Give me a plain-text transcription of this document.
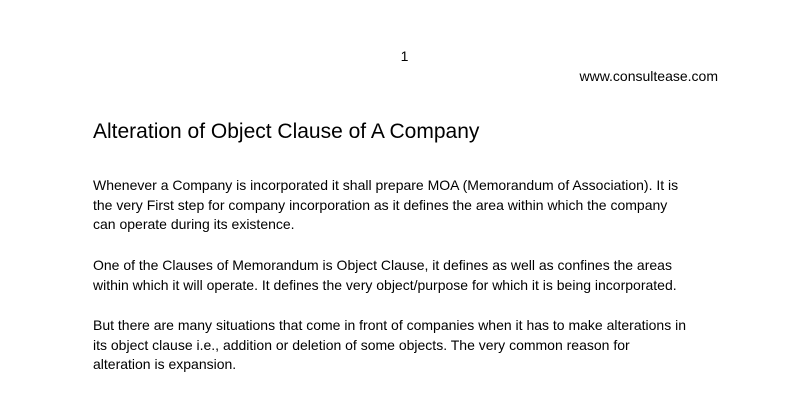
1
www.consultease.com
Alteration of Object Clause of A Company

Whenever a Company is incorporated it shall prepare MOA (Memorandum of Association). It is
the very First step for company incorporation as it defines the area within which the company
can operate during its existence.

One of the Clauses of Memorandum is Object Clause, it defines as well as confines the areas
within which it will operate. It defines the very object/purpose for which it is being incorporated.

But there are many situations that come in front of companies when it has to make alterations in
its object clause i.e., addition or deletion of some objects. The very common reason for
alteration is expansion.
